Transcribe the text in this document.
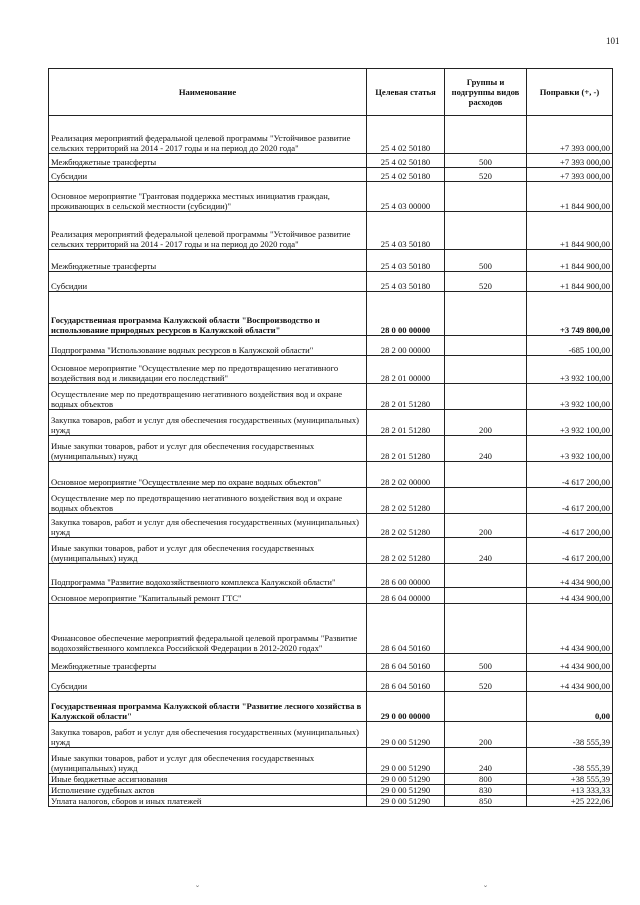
101
Наименование	Целевая статья	Группы и подгруппы видов расходов	Поправки (+, -)
Реализация мероприятий федеральной целевой программы "Устойчивое развитие сельских территорий на 2014 - 2017 годы и на период до 2020 года"	25 4 02 50180		+7 393 000,00
Межбюджетные трансферты	25 4 02 50180	500	+7 393 000,00
Субсидии	25 4 02 50180	520	+7 393 000,00
Основное мероприятие "Грантовая поддержка местных инициатив граждан, проживающих в сельской местности (субсидии)"	25 4 03 00000		+1 844 900,00
Реализация мероприятий федеральной целевой программы "Устойчивое развитие сельских территорий на 2014 - 2017 годы и на период до 2020 года"	25 4 03 50180		+1 844 900,00
Межбюджетные трансферты	25 4 03 50180	500	+1 844 900,00
Субсидии	25 4 03 50180	520	+1 844 900,00
Государственная программа Калужской области "Воспроизводство и использование природных ресурсов в Калужской области"	28 0 00 00000		+3 749 800,00
Подпрограмма "Использование водных ресурсов в Калужской области"	28 2 00 00000		-685 100,00
Основное мероприятие "Осуществление мер по предотвращению негативного воздействия вод и ликвидации его последствий"	28 2 01 00000		+3 932 100,00
Осуществление мер по предотвращению негативного воздействия вод и охране водных объектов	28 2 01 51280		+3 932 100,00
Закупка товаров, работ и услуг для обеспечения государственных (муниципальных) нужд	28 2 01 51280	200	+3 932 100,00
Иные закупки товаров, работ и услуг для обеспечения государственных (муниципальных) нужд	28 2 01 51280	240	+3 932 100,00
Основное мероприятие "Осуществление мер по охране водных объектов"	28 2 02 00000		-4 617 200,00
Осуществление мер по предотвращению негативного воздействия вод и охране водных объектов	28 2 02 51280		-4 617 200,00
Закупка товаров, работ и услуг для обеспечения государственных (муниципальных) нужд	28 2 02 51280	200	-4 617 200,00
Иные закупки товаров, работ и услуг для обеспечения государственных (муниципальных) нужд	28 2 02 51280	240	-4 617 200,00
Подпрограмма "Развитие водохозяйственного комплекса Калужской области"	28 6 00 00000		+4 434 900,00
Основное мероприятие "Капитальный ремонт ГТС"	28 6 04 00000		+4 434 900,00
Финансовое обеспечение мероприятий федеральной целевой программы "Развитие водохозяйственного комплекса Российской Федерации в 2012-2020 годах"	28 6 04 50160		+4 434 900,00
Межбюджетные трансферты	28 6 04 50160	500	+4 434 900,00
Субсидии	28 6 04 50160	520	+4 434 900,00
Государственная программа Калужской области "Развитие лесного хозяйства в Калужской области"	29 0 00 00000		0,00
Закупка товаров, работ и услуг для обеспечения государственных (муниципальных) нужд	29 0 00 51290	200	-38 555,39
Иные закупки товаров, работ и услуг для обеспечения государственных (муниципальных) нужд	29 0 00 51290	240	-38 555,39
Иные бюджетные ассигнования	29 0 00 51290	800	+38 555,39
Исполнение судебных актов	29 0 00 51290	830	+13 333,33
Уплата налогов, сборов и иных платежей	29 0 00 51290	850	+25 222,06
˘	˘
